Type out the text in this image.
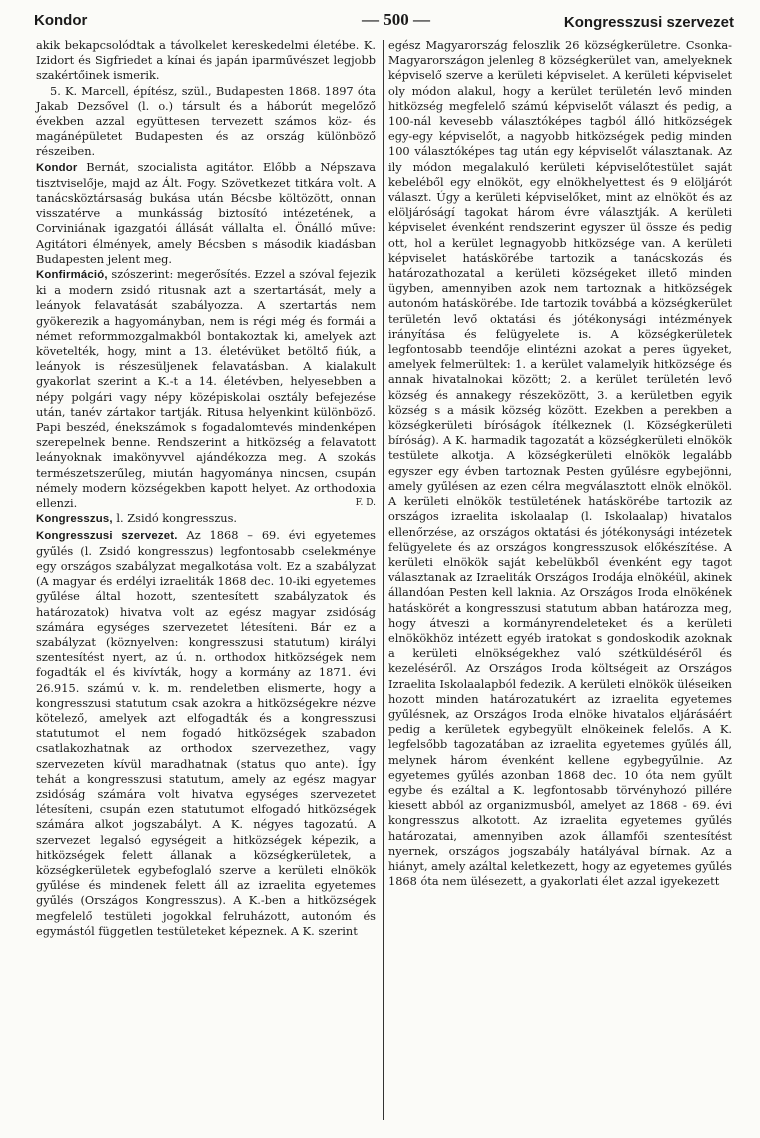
Kondor	— 500 —	Kongresszusi szervezet

akik bekapcsolódtak a távolkelet kereskedelmi életébe. K. Izidort és Sigfriedet a kínai és japán iparművészet legjobb szakértőinek ismerik.

5. K. Marcell, építész, szül., Budapesten 1868. 1897 óta Jakab Dezsővel (l. o.) társult és a háborút megelőző években azzal együttesen tervezett számos köz- és magánépületet Budapesten és az ország különböző részeiben.

Kondor Bernát, szocialista agitátor. Előbb a Népszava tisztviselője, majd az Ált. Fogy. Szövetkezet titkára volt. A tanácsköztársaság bukása után Bécsbe költözött, onnan visszatérve a munkásság biztosító intézetének, a Corviniának igazgatói állását vállalta el. Önálló műve: Agitátori élmények, amely Bécsben s második kiadásban Budapesten jelent meg.

Konfirmáció, szószerint: megerősítés. Ezzel a szóval fejezik ki a modern zsidó ritusnak azt a szertartását, mely a leányok felavatását szabályozza. A szertartás nem gyökerezik a hagyományban, nem is régi még és formái a német reformmozgalmakból bontakoztak ki, amelyek azt követelték, hogy, mint a 13. életévüket betöltő fiúk, a leányok is részesüljenek felavatásban. A kialakult gyakorlat szerint a K.-t a 14. életévben, helyesebben a népy polgári vagy népy középiskolai osztály befejezése után, tanév zártakor tartják. Ritusa helyenkint különböző. Papi beszéd, énekszámok s fogadalomtevés mindenképen szerepelnek benne. Rendszerint a hitközség a felavatott leányoknak imakönyvvel ajándékozza meg. A szokás természetszerűleg, miután hagyománya nincsen, csupán némely modern községekben kapott helyet. Az orthodoxia ellenzi.	F. D.

Kongresszus, l. Zsidó kongresszus.

Kongresszusi szervezet. Az 1868 – 69. évi egyetemes gyűlés (l. Zsidó kongresszus) legfontosabb cselekménye egy országos szabályzat megalkotása volt. Ez a szabályzat (A magyar és erdélyi izraeliták 1868 dec. 10-iki egyetemes gyűlése által hozott, szentesített szabályzatok és határozatok) hivatva volt az egész magyar zsidóság számára egységes szervezetet létesíteni. Bár ez a szabályzat (köznyelven: kongresszusi statutum) királyi szentesítést nyert, az ú. n. orthodox hitközségek nem fogadták el és kivívták, hogy a kormány az 1871. évi 26.915. számú v. k. m. rendeletben elismerte, hogy a kongresszusi statutum csak azokra a hitközségekre nézve kötelező, amelyek azt elfogadták és a kongresszusi statutumot el nem fogadó hitközségek szabadon csatlakozhatnak az orthodox szervezethez, vagy szervezeten kívül maradhatnak (status quo ante). Így tehát a kongresszusi statutum, amely az egész magyar zsidóság számára volt hivatva egységes szervezetet létesíteni, csupán ezen statutumot elfogadó hitközségek számára alkot jogszabályt. A K. négyes tagozatú. A szervezet legalsó egységeit a hitközségek képezik, a hitközségek felett állanak a községkerületek, a községkerületek egybefoglaló szerve a kerületi elnökök gyűlése és mindenek felett áll az izraelita egyetemes gyűlés (Országos Kongresszus). A K.-ben a hitközségek megfelelő testületi jogokkal felruházott, autonóm és egymástól független testületeket képeznek. A K. szerint

egész Magyarország feloszlik 26 községkerületre. Csonka-Magyarországon jelenleg 8 községkerület van, amelyeknek képviselő szerve a kerületi képviselet. A kerületi képviselet oly módon alakul, hogy a kerület területén levő minden hitközség megfelelő számú képviselőt választ és pedig, a 100-nál kevesebb választóképes tagból álló hitközségek egy-egy képviselőt, a nagyobb hitközségek pedig minden 100 választóképes tag után egy képviselőt választanak. Az ily módon megalakuló kerületi képviselőtestület saját kebeléből egy elnököt, egy elnökhelyettest és 9 elöljárót választ. Úgy a kerületi képviselőket, mint az elnököt és az elöljáróságí tagokat három évre választják. A kerületi képviselet évenként rendszerint egyszer ül össze és pedig ott, hol a kerület legnagyobb hitközsége van. A kerületi képviselet hatáskörébe tartozik a tanácskozás és határozathozatal a kerületi községeket illető minden ügyben, amennyiben azok nem tartoznak a hitközségek autonóm hatáskörébe. Ide tartozik továbbá a községkerület területén levő oktatási és jótékonysági intézmények irányítása és felügyelete is. A községkerületek legfontosabb teendője elintézni azokat a peres ügyeket, amelyek felmerültek: 1. a kerület valamelyik hitközsége és annak hivatalnokai között; 2. a kerület területén levő község és annakegy részeközött, 3. a kerületben egyik község s a másik község között. Ezekben a perekben a községkerületi bíróságok ítélkeznek (l. Községkerületi bíróság). A K. harmadik tagozatát a községkerületi elnökök testülete alkotja. A községkerületi elnökök legalább egyszer egy évben tartoznak Pesten gyűlésre egybejönni, amely gyűlésen az ezen célra megválasztott elnök elnököl. A kerületi elnökök testületének hatáskörébe tartozik az országos izraelita iskolaalap (l. Iskolaalap) hivatalos ellenőrzése, az országos oktatási és jótékonysági intézetek felügyelete és az országos kongresszusok előkészítése. A kerületi elnökök saját kebelükből évenként egy tagot választanak az Izraeliták Országos Irodája elnökéül, akinek állandóan Pesten kell laknia. Az Országos Iroda elnökének hatáskörét a kongresszusi statutum abban határozza meg, hogy átveszi a kormányrendeleteket és a kerületi elnökökhöz intézett egyéb iratokat s gondoskodik azoknak a kerületi elnökségekhez való szétküldéséről és kezeléséről. Az Országos Iroda költségeit az Országos Izraelita Iskolaalapból fedezik. A kerületi elnökök üléseiken hozott minden határozatukért az izraelita egyetemes gyűlésnek, az Országos Iroda elnöke hivatalos eljárásáért pedig a kerületek egybegyült elnökeinek felelős. A K. legfelsőbb tagozatában az izraelita egyetemes gyűlés áll, melynek három évenként kellene egybegyűlnie. Az egyetemes gyűlés azonban 1868 dec. 10 óta nem gyűlt egybe és ezáltal a K. legfontosabb törvényhozó pillére kiesett abból az organizmusból, amelyet az 1868 - 69. évi kongresszus alkotott. Az izraelita egyetemes gyűlés határozatai, amennyiben azok államfői szentesítést nyernek, országos jogszabály hatályával bírnak. Az a hiányt, amely azáltal keletkezett, hogy az egyetemes gyűlés 1868 óta nem ülésezett, a gyakorlati élet azzal igyekezett
